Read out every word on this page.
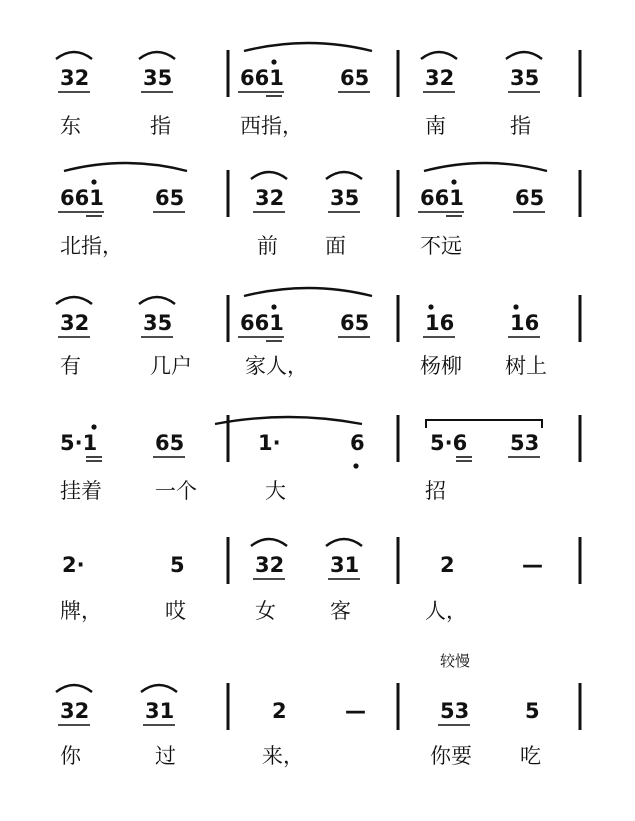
32	35	661	65	32	35
661 65	32 35	661 65
32	35	661	65	16	16
5·1	65	1·	6	5·6 53
2·	5	32 31	2	—
32	31	2	—	53	5
东	指	西指，	南	指
北指，	前 面	不远
有	几户	家人，	杨柳 树上
挂着	一个	大	招
牌，	哎	女	客	人，
较慢
你	过	来，	你要 吃
